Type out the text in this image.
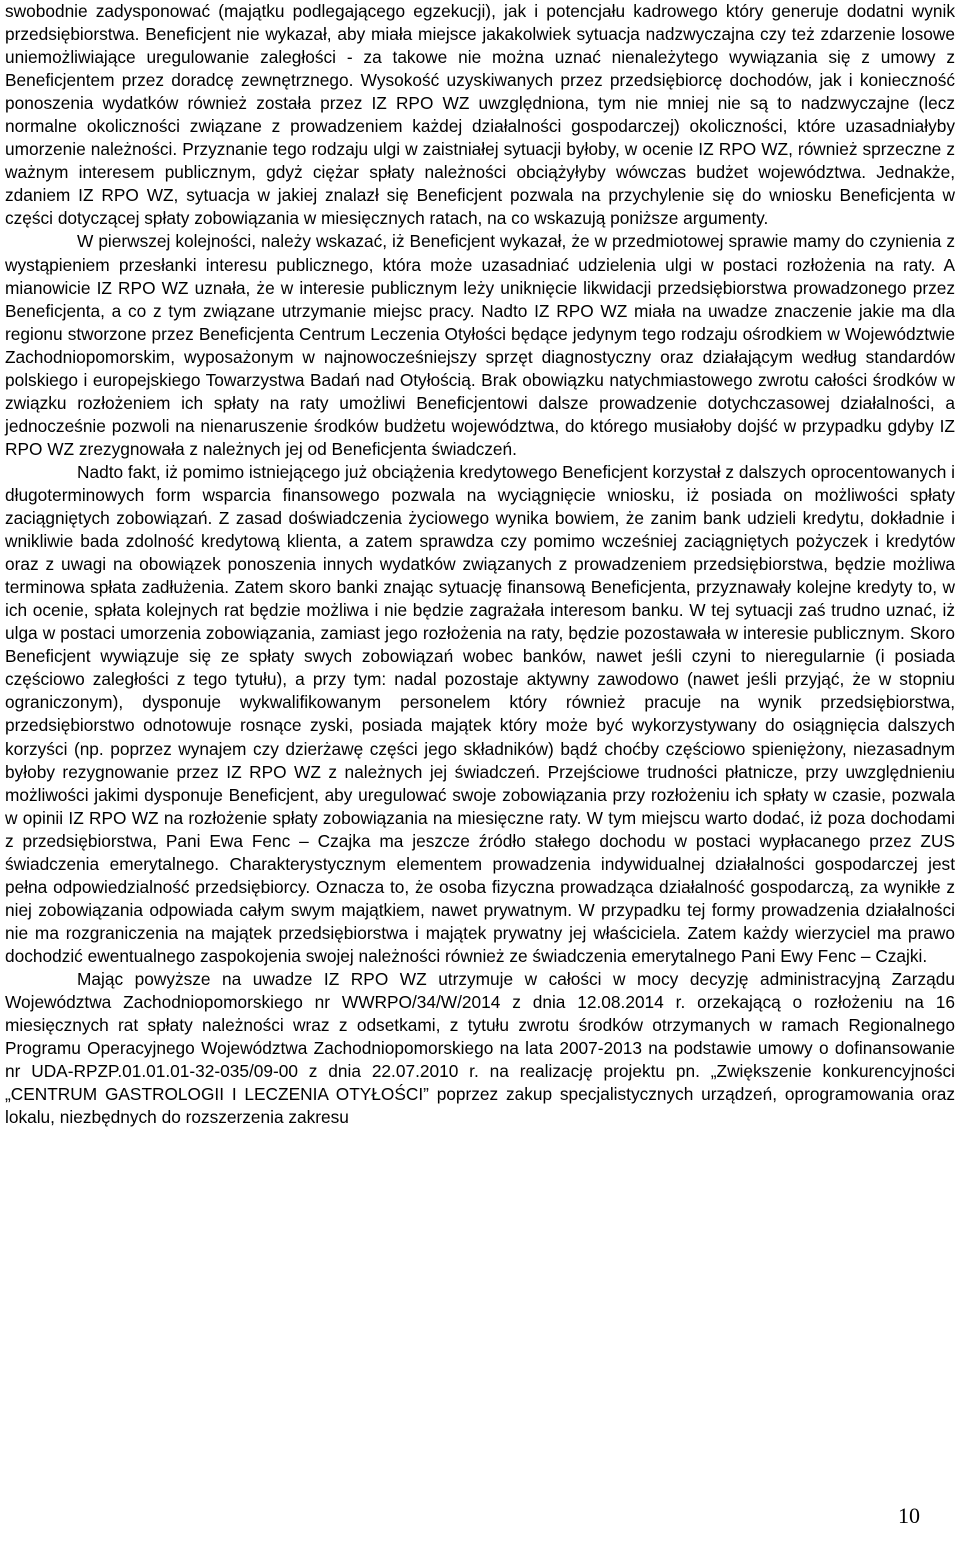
swobodnie zadysponować (majątku podlegającego egzekucji), jak i potencjału kadrowego który generuje dodatni wynik przedsiębiorstwa. Beneficjent nie wykazał, aby miała miejsce jakakolwiek sytuacja nadzwyczajna czy też zdarzenie losowe uniemożliwiające uregulowanie zaległości - za takowe nie można uznać nienależytego wywiązania się z umowy z Beneficjentem przez doradcę zewnętrznego. Wysokość uzyskiwanych przez przedsiębiorcę dochodów, jak i konieczność ponoszenia wydatków również została przez IZ RPO WZ uwzględniona, tym nie mniej nie są to nadzwyczajne (lecz normalne okoliczności związane z prowadzeniem każdej działalności gospodarczej) okoliczności, które uzasadniałyby umorzenie należności. Przyznanie tego rodzaju ulgi w zaistniałej sytuacji byłoby, w ocenie IZ RPO WZ, również sprzeczne z ważnym interesem publicznym, gdyż ciężar spłaty należności obciążyłyby wówczas budżet województwa. Jednakże, zdaniem IZ RPO WZ, sytuacja w jakiej znalazł się Beneficjent pozwala na przychylenie się do wniosku Beneficjenta w części dotyczącej spłaty zobowiązania w miesięcznych ratach, na co wskazują poniższe argumenty.

W pierwszej kolejności, należy wskazać, iż Beneficjent wykazał, że w przedmiotowej sprawie mamy do czynienia z wystąpieniem przesłanki interesu publicznego, która może uzasadniać udzielenia ulgi w postaci rozłożenia na raty. A mianowicie IZ RPO WZ uznała, że w interesie publicznym leży uniknięcie likwidacji przedsiębiorstwa prowadzonego przez Beneficjenta, a co z tym związane utrzymanie miejsc pracy. Nadto IZ RPO WZ miała na uwadze znaczenie jakie ma dla regionu stworzone przez Beneficjenta Centrum Leczenia Otyłości będące jedynym tego rodzaju ośrodkiem w Województwie Zachodniopomorskim, wyposażonym w najnowocześniejszy sprzęt diagnostyczny oraz działającym według standardów polskiego i europejskiego Towarzystwa Badań nad Otyłością. Brak obowiązku natychmiastowego zwrotu całości środków w związku rozłożeniem ich spłaty na raty umożliwi Beneficjentowi dalsze prowadzenie dotychczasowej działalności, a jednocześnie pozwoli na nienaruszenie środków budżetu województwa, do którego musiałoby dojść w przypadku gdyby IZ RPO WZ zrezygnowała z należnych jej od Beneficjenta świadczeń.

Nadto fakt, iż pomimo istniejącego już obciążenia kredytowego Beneficjent korzystał z dalszych oprocentowanych i długoterminowych form wsparcia finansowego pozwala na wyciągnięcie wniosku, iż posiada on możliwości spłaty zaciągniętych zobowiązań. Z zasad doświadczenia życiowego wynika bowiem, że zanim bank udzieli kredytu, dokładnie i wnikliwie bada zdolność kredytową klienta, a zatem sprawdza czy pomimo wcześniej zaciągniętych pożyczek i kredytów oraz z uwagi na obowiązek ponoszenia innych wydatków związanych z prowadzeniem przedsiębiorstwa, będzie możliwa terminowa spłata zadłużenia. Zatem skoro banki znając sytuację finansową Beneficjenta, przyznawały kolejne kredyty to, w ich ocenie, spłata kolejnych rat będzie możliwa i nie będzie zagrażała interesom banku. W tej sytuacji zaś trudno uznać, iż ulga w postaci umorzenia zobowiązania, zamiast jego rozłożenia na raty, będzie pozostawała w interesie publicznym. Skoro Beneficjent wywiązuje się ze spłaty swych zobowiązań wobec banków, nawet jeśli czyni to nieregularnie (i posiada częściowo zaległości z tego tytułu), a przy tym: nadal pozostaje aktywny zawodowo (nawet jeśli przyjąć, że w stopniu ograniczonym), dysponuje wykwalifikowanym personelem który również pracuje na wynik przedsiębiorstwa, przedsiębiorstwo odnotowuje rosnące zyski, posiada majątek który może być wykorzystywany do osiągnięcia dalszych korzyści (np. poprzez wynajem czy dzierżawę części jego składników) bądź choćby częściowo spieniężony, niezasadnym byłoby rezygnowanie przez IZ RPO WZ z należnych jej świadczeń. Przejściowe trudności płatnicze, przy uwzględnieniu możliwości jakimi dysponuje Beneficjent, aby uregulować swoje zobowiązania przy rozłożeniu ich spłaty w czasie, pozwala w opinii IZ RPO WZ na rozłożenie spłaty zobowiązania na miesięczne raty. W tym miejscu warto dodać, iż poza dochodami z przedsiębiorstwa, Pani Ewa Fenc – Czajka ma jeszcze źródło stałego dochodu w postaci wypłacanego przez ZUS świadczenia emerytalnego. Charakterystycznym elementem prowadzenia indywidualnej działalności gospodarczej jest pełna odpowiedzialność przedsiębiorcy. Oznacza to, że osoba fizyczna prowadząca działalność gospodarczą, za wynikłe z niej zobowiązania odpowiada całym swym majątkiem, nawet prywatnym. W przypadku tej formy prowadzenia działalności nie ma rozgraniczenia na majątek przedsiębiorstwa i majątek prywatny jej właściciela. Zatem każdy wierzyciel ma prawo dochodzić ewentualnego zaspokojenia swojej należności również ze świadczenia emerytalnego Pani Ewy Fenc – Czajki.

Mając powyższe na uwadze IZ RPO WZ utrzymuje w całości w mocy decyzję administracyjną Zarządu Województwa Zachodniopomorskiego nr WWRPO/34/W/2014 z dnia 12.08.2014 r. orzekającą o rozłożeniu na 16 miesięcznych rat spłaty należności wraz z odsetkami, z tytułu zwrotu środków otrzymanych w ramach Regionalnego Programu Operacyjnego Województwa Zachodniopomorskiego na lata 2007-2013 na podstawie umowy o dofinansowanie nr UDA-RPZP.01.01.01-32-035/09-00 z dnia 22.07.2010 r. na realizację projektu pn. „Zwiększenie konkurencyjności „CENTRUM GASTROLOGII I LECZENIA OTYŁOŚCI” poprzez zakup specjalistycznych urządzeń, oprogramowania oraz lokalu, niezbędnych do rozszerzenia zakresu

10
